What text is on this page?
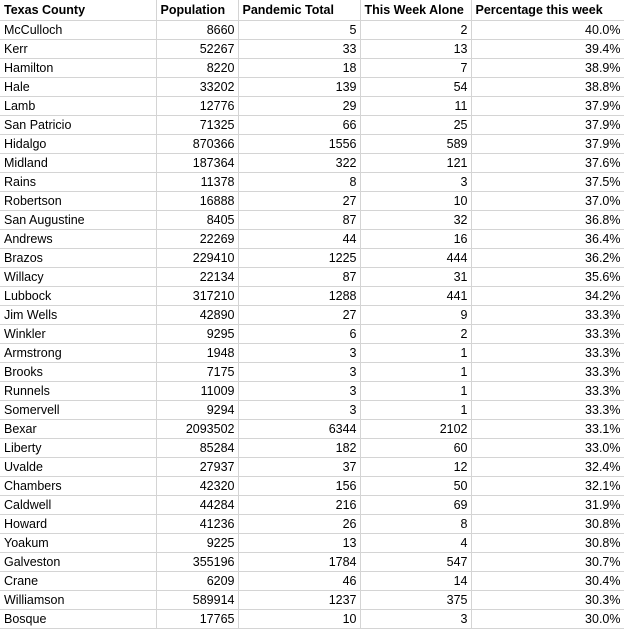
Texas County	Population	Pandemic Total	This Week Alone	Percentage this week
McCulloch	8660	5	2	40.0%
Kerr	52267	33	13	39.4%
Hamilton	8220	18	7	38.9%
Hale	33202	139	54	38.8%
Lamb	12776	29	11	37.9%
San Patricio	71325	66	25	37.9%
Hidalgo	870366	1556	589	37.9%
Midland	187364	322	121	37.6%
Rains	11378	8	3	37.5%
Robertson	16888	27	10	37.0%
San Augustine	8405	87	32	36.8%
Andrews	22269	44	16	36.4%
Brazos	229410	1225	444	36.2%
Willacy	22134	87	31	35.6%
Lubbock	317210	1288	441	34.2%
Jim Wells	42890	27	9	33.3%
Winkler	9295	6	2	33.3%
Armstrong	1948	3	1	33.3%
Brooks	7175	3	1	33.3%
Runnels	11009	3	1	33.3%
Somervell	9294	3	1	33.3%
Bexar	2093502	6344	2102	33.1%
Liberty	85284	182	60	33.0%
Uvalde	27937	37	12	32.4%
Chambers	42320	156	50	32.1%
Caldwell	44284	216	69	31.9%
Howard	41236	26	8	30.8%
Yoakum	9225	13	4	30.8%
Galveston	355196	1784	547	30.7%
Crane	6209	46	14	30.4%
Williamson	589914	1237	375	30.3%
Bosque	17765	10	3	30.0%
